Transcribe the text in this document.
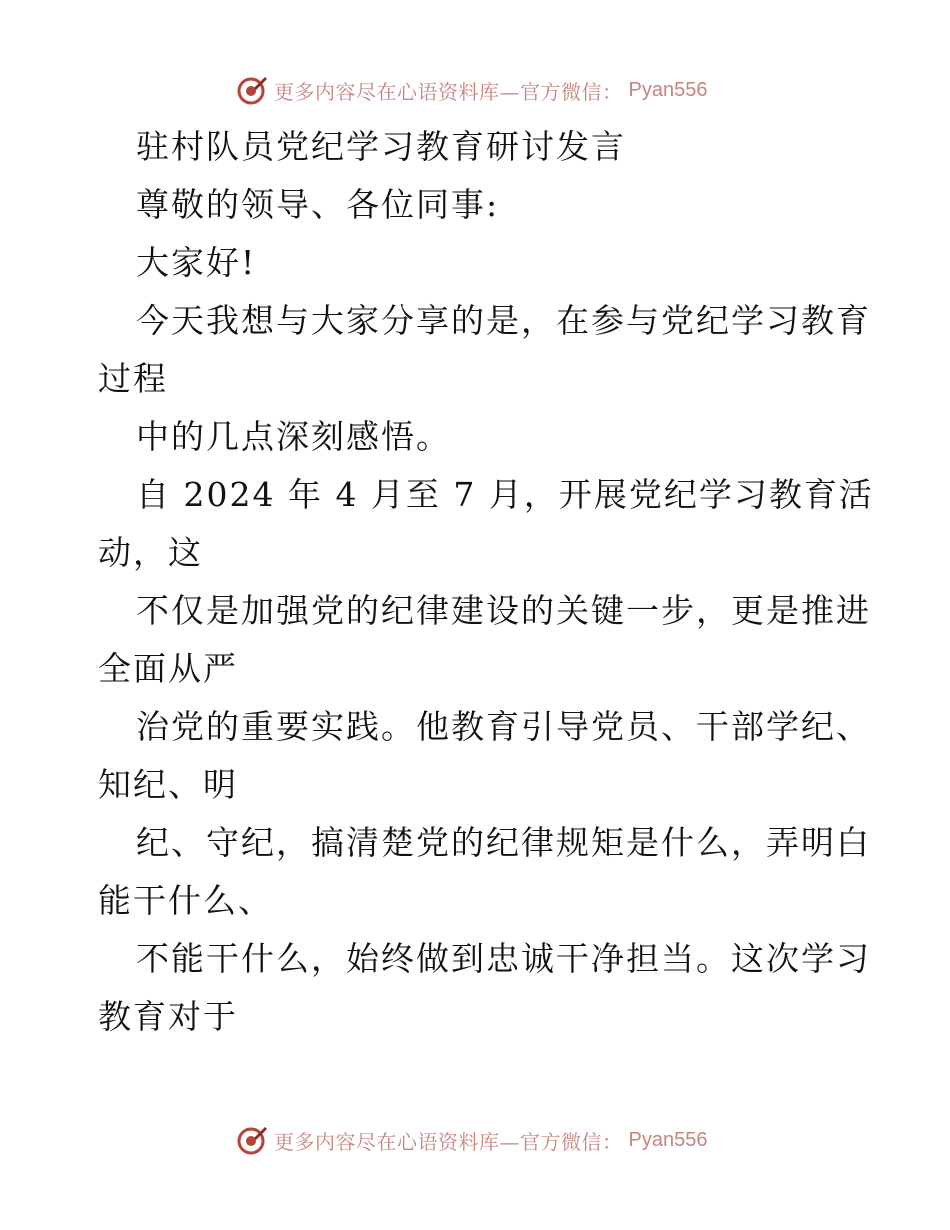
更多内容尽在心语资料库—官方微信： Pyan556
驻村队员党纪学习教育研讨发言
尊敬的领导、各位同事:
大家好!
今天我想与大家分享的是，在参与党纪学习教育
过程
中的几点深刻感悟。
自 2024 年 4 月至 7 月，开展党纪学习教育活
动，这
不仅是加强党的纪律建设的关键一步，更是推进
全面从严
治党的重要实践。他教育引导党员、干部学纪、
知纪、明
纪、守纪，搞清楚党的纪律规矩是什么，弄明白
能干什么、
不能干什么，始终做到忠诚干净担当。这次学习
教育对于
更多内容尽在心语资料库—官方微信： Pyan556
